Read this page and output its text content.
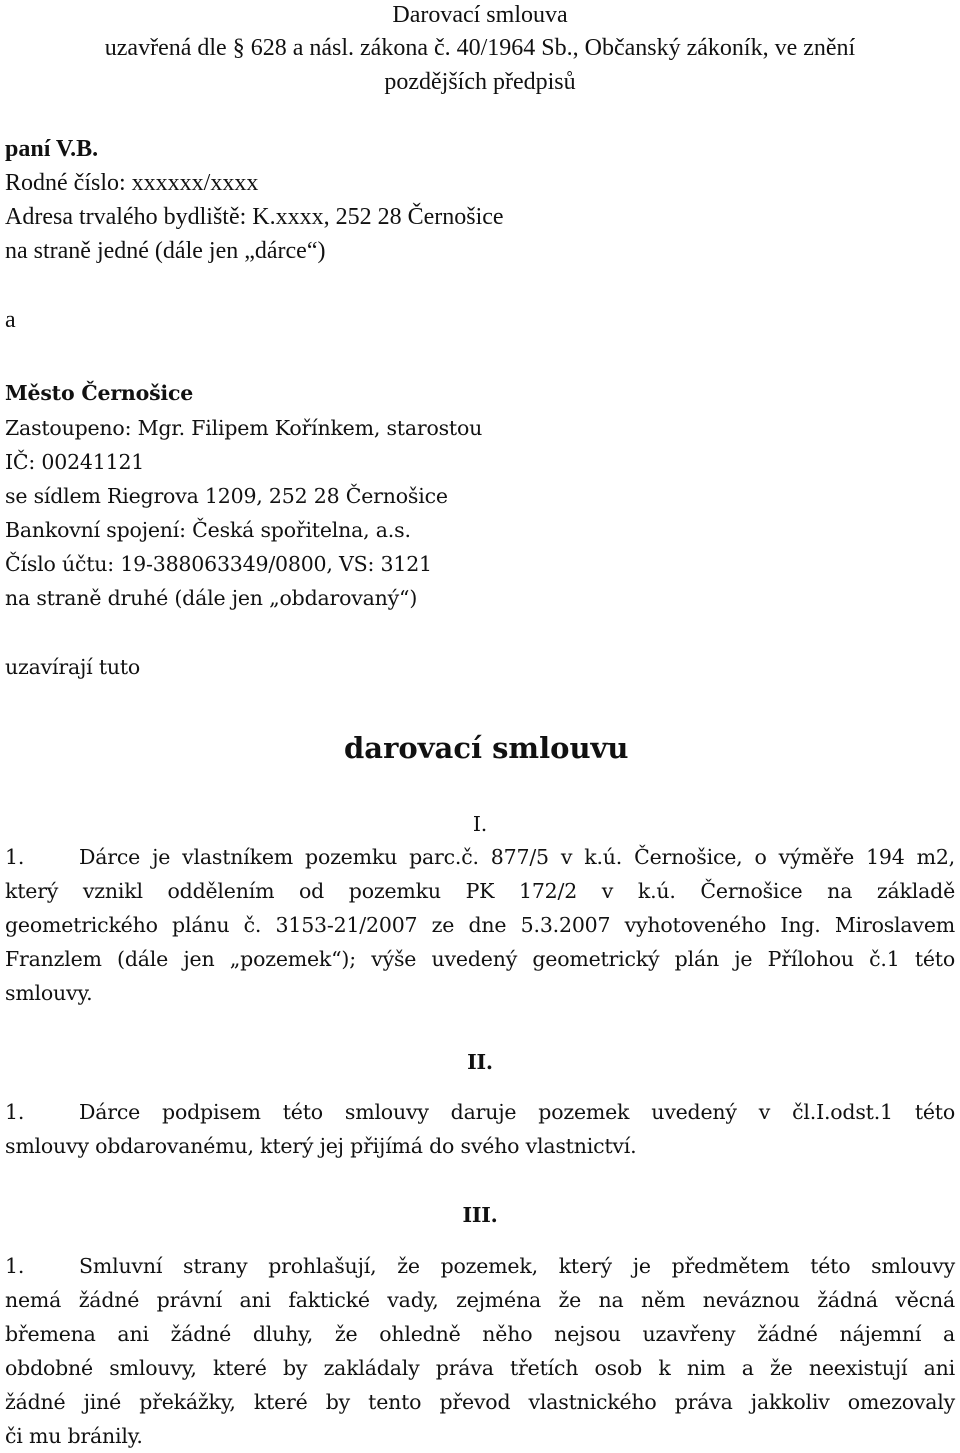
Darovací smlouva
uzavřená dle § 628 a násl. zákona č. 40/1964 Sb., Občanský zákoník, ve znění
pozdějších předpisů
paní V.B.
Rodné číslo: xxxxxx/xxxx
Adresa trvalého bydliště: K.xxxx, 252 28 Černošice
na straně jedné (dále jen „dárce“)
a
Město Černošice
Zastoupeno: Mgr. Filipem Kořínkem, starostou
IČ: 00241121
se sídlem Riegrova 1209, 252 28 Černošice
Bankovní spojení: Česká spořitelna, a.s.
Číslo účtu: 19-388063349/0800, VS: 3121
na straně druhé (dále jen „obdarovaný“)
uzavírají tuto
darovací smlouvu
I.
1.	Dárce je vlastníkem pozemku parc.č. 877/5 v k.ú. Černošice, o výměře 194 m2,
který vznikl oddělením od pozemku PK 172/2 v k.ú. Černošice na základě
geometrického plánu č. 3153-21/2007 ze dne 5.3.2007 vyhotoveného Ing. Miroslavem
Franzlem (dále jen „pozemek“); výše uvedený geometrický plán je Přílohou č.1 této
smlouvy.
II.
1.	Dárce podpisem této smlouvy daruje pozemek uvedený v čl.I.odst.1 této
smlouvy obdarovanému, který jej přijímá do svého vlastnictví.
III.
1.	Smluvní strany prohlašují, že pozemek, který je předmětem této smlouvy
nemá žádné právní ani faktické vady, zejména že na něm neváznou žádná věcná
břemena ani žádné dluhy, že ohledně něho nejsou uzavřeny žádné nájemní a
obdobné smlouvy, které by zakládaly práva třetích osob k nim a že neexistují ani
žádné jiné překážky, které by tento převod vlastnického práva jakkoliv omezovaly
či mu bránily.
